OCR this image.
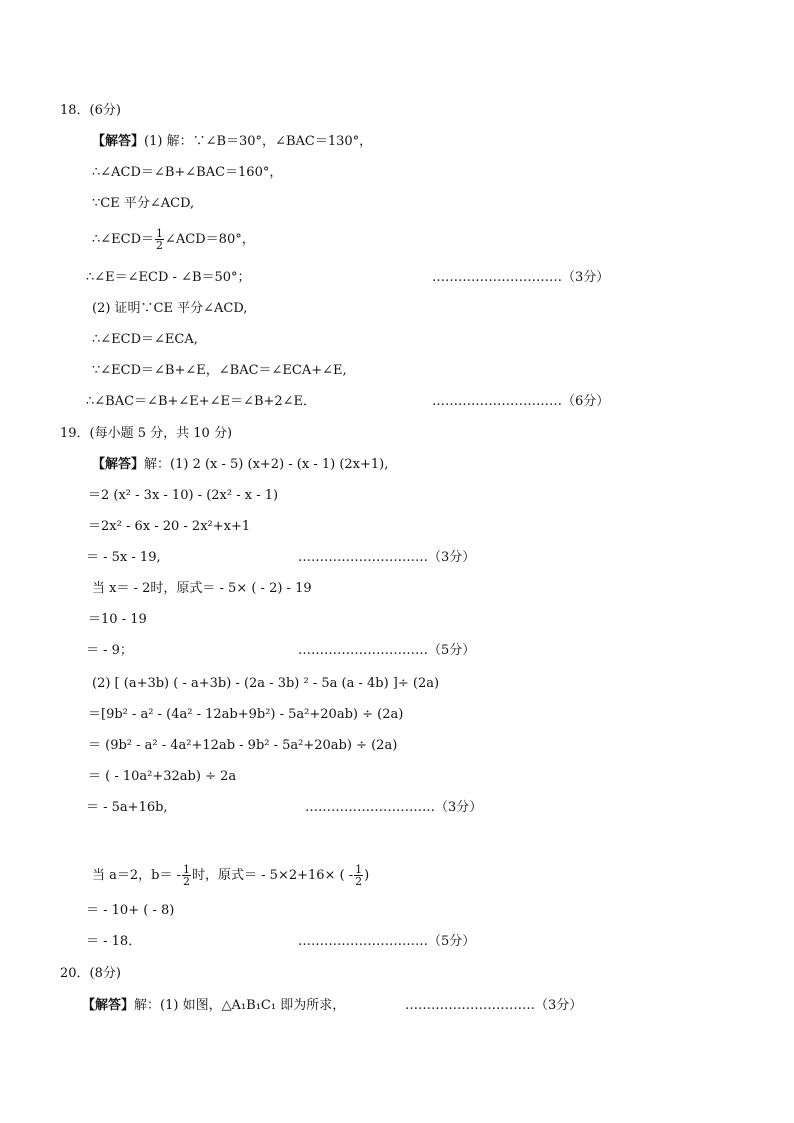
18．(6分)
【解答】(1) 解：∵∠B＝30°，∠BAC＝130°，
∴∠ACD＝∠B+∠BAC＝160°，
∵CE 平分∠ACD,
∴∠ECD＝ $\frac{1}{2}$ ∠ACD＝80°，
∴∠E＝∠ECD - ∠B＝50°；	…………………………（3分）
(2) 证明∵CE 平分∠ACD,
∴∠ECD＝∠ECA,
∵∠ECD＝∠B+∠E，∠BAC＝∠ECA+∠E,
∴∠BAC＝∠B+∠E+∠E＝∠B+2∠E．	…………………………（6分）
19．(每小题 5 分，共 10 分)
【解答】解：(1) 2 (x - 5) (x+2) - (x - 1) (2x+1),
＝2 (x² - 3x - 10) - (2x² - x - 1)
＝2x² - 6x - 20 - 2x²+x+1
＝ - 5x - 19,	…………………………（3分）
当 x＝ - 2时，原式＝ - 5× ( - 2) - 19
＝10 - 19
＝ - 9；	…………………………（5分）
(2) [ (a+3b) ( - a+3b) - (2a - 3b) ² - 5a (a - 4b) ]÷ (2a)
＝[9b² - a² - (4a² - 12ab+9b²) - 5a²+20ab) ÷ (2a)
＝ (9b² - a² - 4a²+12ab - 9b² - 5a²+20ab) ÷ (2a)
＝ ( - 10a²+32ab) ÷ 2a
＝ - 5a+16b,	…………………………（3分）
当 a＝2，$b= - \frac{1}{2}$ 时，原式＝ - 5×2+16× ( - $\frac{1}{2}$ )
＝ - 10+ ( - 8)
＝ - 18．	…………………………（5分）
20．(8分)
【解答】解：(1) 如图，△A₁B₁C₁ 即为所求，	…………………………（3分）
